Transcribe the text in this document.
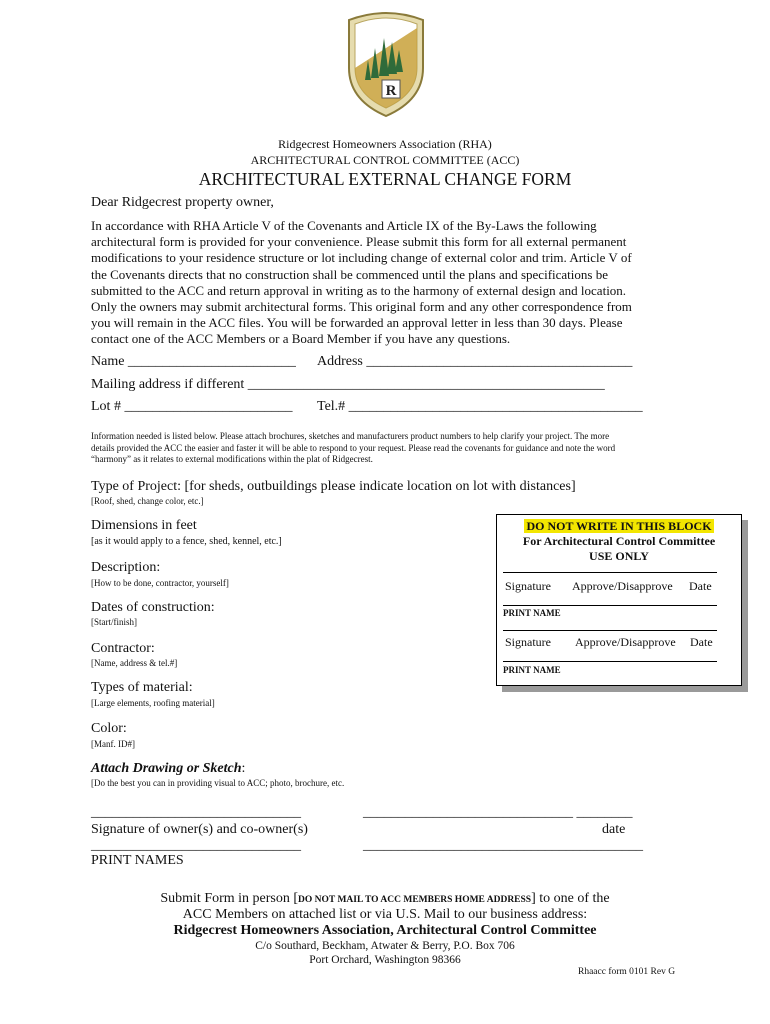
R
Ridgecrest Homeowners Association (RHA)
ARCHITECTURAL CONTROL COMMITTEE (ACC)
ARCHITECTURAL EXTERNAL CHANGE FORM
Dear Ridgecrest property owner,
In accordance with RHA Article V of the Covenants and Article IX of the By-Laws the following
architectural form is provided for your convenience. Please submit this form for all external permanent
modifications to your residence structure or lot including change of external color and trim. Article V of
the Covenants directs that no construction shall be commenced until the plans and specifications be
submitted to the ACC and return approval in writing as to the harmony of external design and location.
Only the owners may submit architectural forms. This original form and any other correspondence from
you will remain in the ACC files. You will be forwarded an approval letter in less than 30 days. Please
contact one of the ACC Members or a Board Member if you have any questions.
Name ________________________ Address ______________________________________
Mailing address if different ___________________________________________________
Lot # ________________________ Tel.# __________________________________________
Information needed is listed below. Please attach brochures, sketches and manufacturers product numbers to help clarify your project. The more
details provided the ACC the easier and faster it will be able to respond to your request. Please read the covenants for guidance and note the word
“harmony” as it relates to external modifications within the plat of Ridgecrest.
Type of Project: [for sheds, outbuildings please indicate location on lot with distances]
[Roof, shed, change color, etc.]
Dimensions in feet
[as it would apply to a fence, shed, kennel, etc.]
Description:
[How to be done, contractor, yourself]
Dates of construction:
[Start/finish]
Contractor:
[Name, address & tel.#]
Types of material:
[Large elements, roofing material]
Color:
[Manf. ID#]
Attach Drawing or Sketch:
[Do the best you can in providing visual to ACC; photo, brochure, etc.
DO NOT WRITE IN THIS BLOCK
For Architectural Control Committee
USE ONLY
Signature Approve/Disapprove Date
PRINT NAME
Signature Approve/Disapprove Date
PRINT NAME
______________________________	______________________________ ________
Signature of owner(s) and co-owner(s)	date
______________________________	________________________________________
PRINT NAMES
Submit Form in person [DO NOT MAIL TO ACC MEMBERS HOME ADDRESS] to one of the
ACC Members on attached list or via U.S. Mail to our business address:
Ridgecrest Homeowners Association, Architectural Control Committee
C/o Southard, Beckham, Atwater & Berry, P.O. Box 706
Port Orchard, Washington 98366
Rhaacc form 0101 Rev G
